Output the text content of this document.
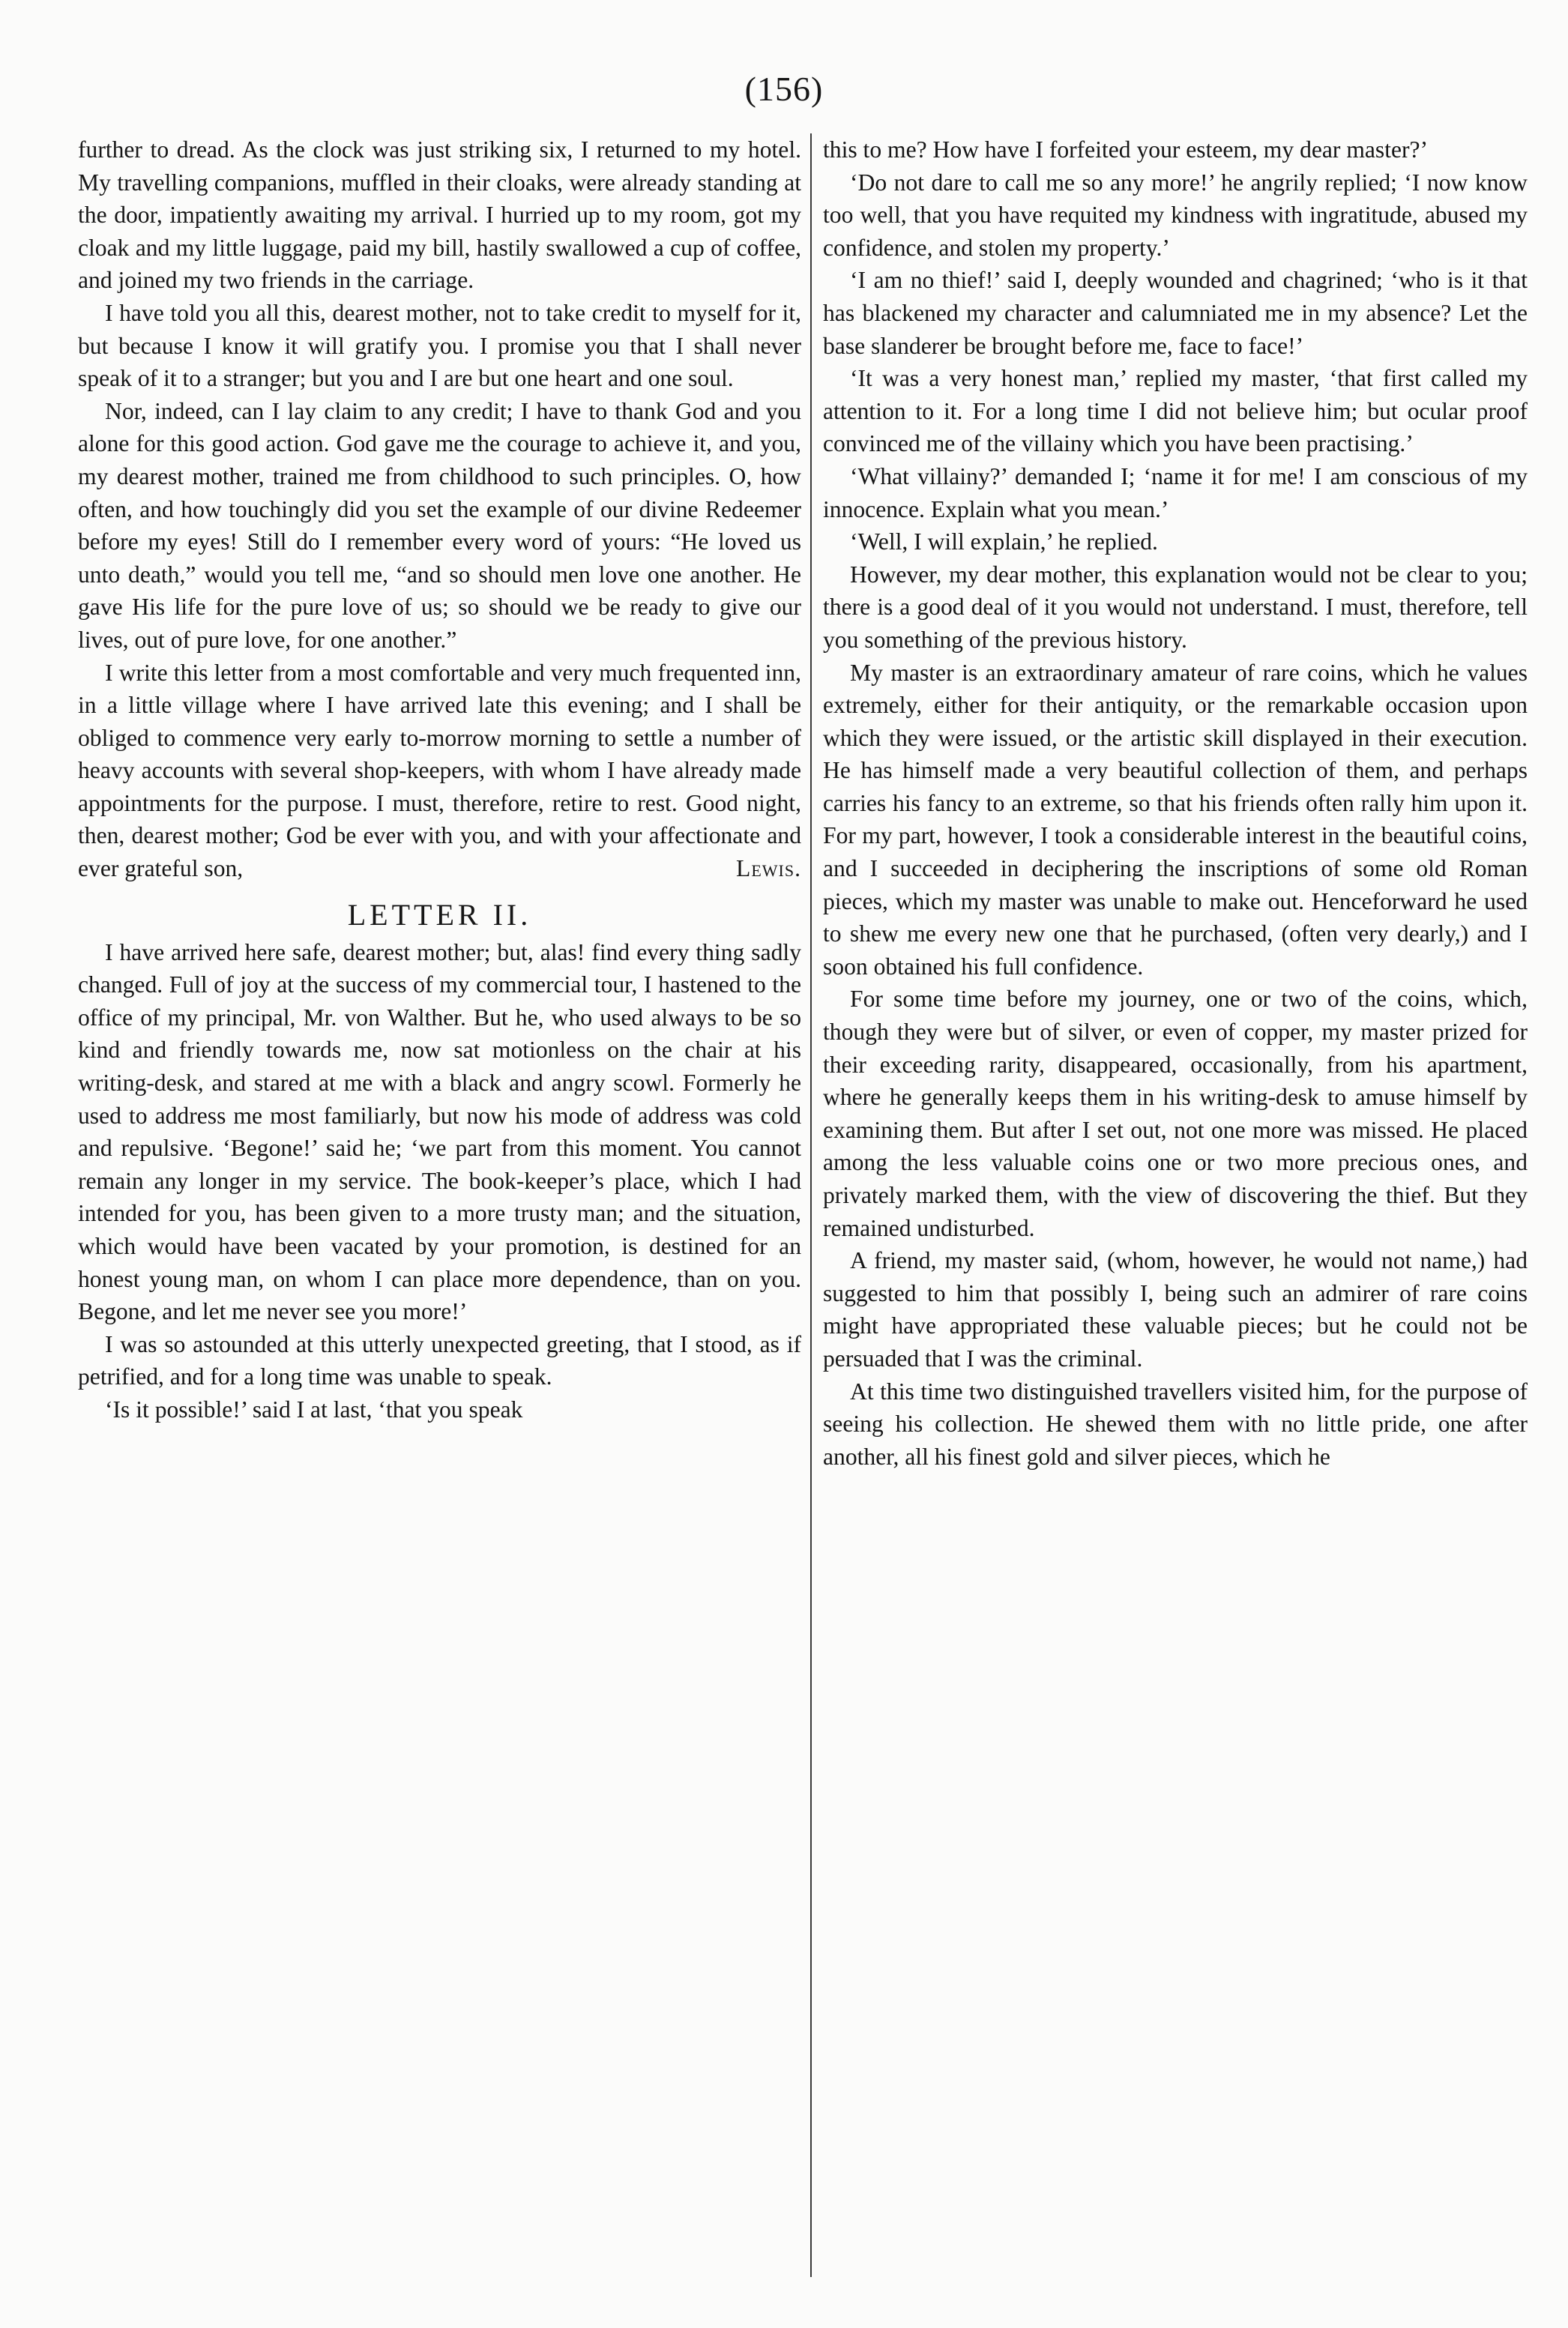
(156)

further to dread. As the clock was just striking six, I returned to my hotel. My travelling companions, muffled in their cloaks, were already standing at the door, impatiently awaiting my arrival. I hurried up to my room, got my cloak and my little luggage, paid my bill, hastily swallowed a cup of coffee, and joined my two friends in the carriage.

I have told you all this, dearest mother, not to take credit to myself for it, but because I know it will gratify you. I promise you that I shall never speak of it to a stranger; but you and I are but one heart and one soul.

Nor, indeed, can I lay claim to any credit; I have to thank God and you alone for this good action. God gave me the courage to achieve it, and you, my dearest mother, trained me from childhood to such principles. O, how often, and how touchingly did you set the example of our divine Redeemer before my eyes! Still do I remember every word of yours: “He loved us unto death,” would you tell me, “and so should men love one another. He gave His life for the pure love of us; so should we be ready to give our lives, out of pure love, for one another.”

I write this letter from a most comfortable and very much frequented inn, in a little village where I have arrived late this evening; and I shall be obliged to commence very early to-morrow morning to settle a number of heavy accounts with several shop-keepers, with whom I have already made appointments for the purpose. I must, therefore, retire to rest. Good night, then, dearest mother; God be ever with you, and with your affectionate and ever grateful son,	Lewis.

LETTER II.

I have arrived here safe, dearest mother; but, alas! find every thing sadly changed. Full of joy at the success of my commercial tour, I hastened to the office of my principal, Mr. von Walther. But he, who used always to be so kind and friendly towards me, now sat motionless on the chair at his writing-desk, and stared at me with a black and angry scowl. Formerly he used to address me most familiarly, but now his mode of address was cold and repulsive. ‘Begone!’ said he; ‘we part from this moment. You cannot remain any longer in my service. The book-keeper’s place, which I had intended for you, has been given to a more trusty man; and the situation, which would have been vacated by your promotion, is destined for an honest young man, on whom I can place more dependence, than on you. Begone, and let me never see you more!’

I was so astounded at this utterly unexpected greeting, that I stood, as if petrified, and for a long time was unable to speak.

‘Is it possible!’ said I at last, ‘that you speak

this to me? How have I forfeited your esteem, my dear master?’

‘Do not dare to call me so any more!’ he angrily replied; ‘I now know too well, that you have requited my kindness with ingratitude, abused my confidence, and stolen my property.’

‘I am no thief!’ said I, deeply wounded and chagrined; ‘who is it that has blackened my character and calumniated me in my absence? Let the base slanderer be brought before me, face to face!’

‘It was a very honest man,’ replied my master, ‘that first called my attention to it. For a long time I did not believe him; but ocular proof convinced me of the villainy which you have been practising.’

‘What villainy?’ demanded I; ‘name it for me! I am conscious of my innocence. Explain what you mean.’

‘Well, I will explain,’ he replied.

However, my dear mother, this explanation would not be clear to you; there is a good deal of it you would not understand. I must, therefore, tell you something of the previous history.

My master is an extraordinary amateur of rare coins, which he values extremely, either for their antiquity, or the remarkable occasion upon which they were issued, or the artistic skill displayed in their execution. He has himself made a very beautiful collection of them, and perhaps carries his fancy to an extreme, so that his friends often rally him upon it. For my part, however, I took a considerable interest in the beautiful coins, and I succeeded in deciphering the inscriptions of some old Roman pieces, which my master was unable to make out. Henceforward he used to shew me every new one that he purchased, (often very dearly,) and I soon obtained his full confidence.

For some time before my journey, one or two of the coins, which, though they were but of silver, or even of copper, my master prized for their exceeding rarity, disappeared, occasionally, from his apartment, where he generally keeps them in his writing-desk to amuse himself by examining them. But after I set out, not one more was missed. He placed among the less valuable coins one or two more precious ones, and privately marked them, with the view of discovering the thief. But they remained undisturbed.

A friend, my master said, (whom, however, he would not name,) had suggested to him that possibly I, being such an admirer of rare coins might have appropriated these valuable pieces; but he could not be persuaded that I was the criminal.

At this time two distinguished travellers visited him, for the purpose of seeing his collection. He shewed them with no little pride, one after another, all his finest gold and silver pieces, which he
